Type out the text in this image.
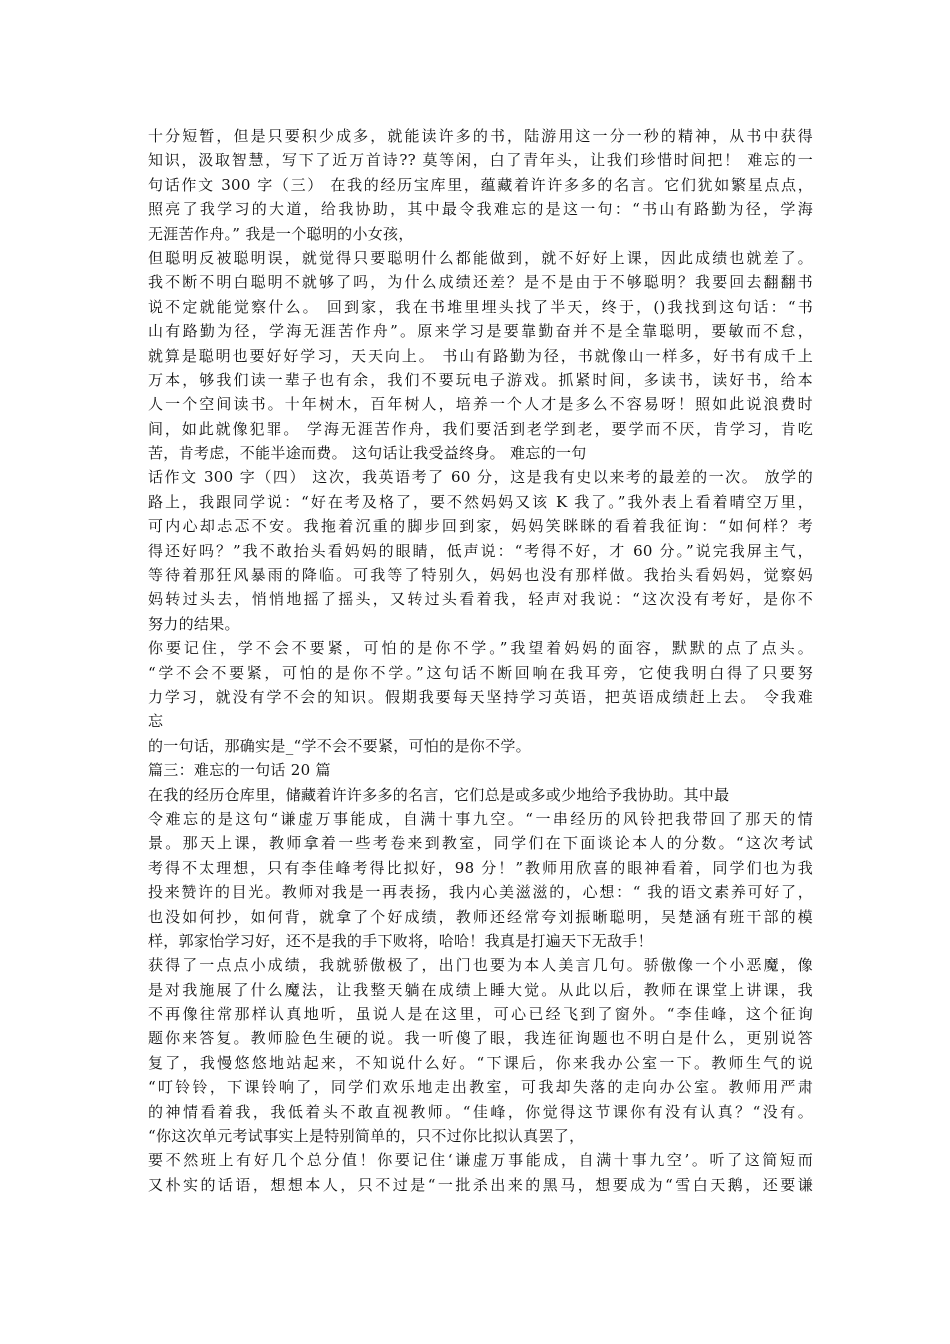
十分短暂，但是只要积少成多，就能读许多的书，陆游用这一分一秒的精神，从书中获得
知识，汲取智慧，写下了近万首诗?? 莫等闲，白了青年头，让我们珍惜时间把！ 难忘的一
句话作文 300 字（三） 在我的经历宝库里，蕴藏着许许多多的名言。它们犹如繁星点点，
照亮了我学习的大道，给我协助，其中最令我难忘的是这一句：“书山有路勤为径，学海
无涯苦作舟。” 我是一个聪明的小女孩，
但聪明反被聪明误，就觉得只要聪明什么都能做到，就不好好上课，因此成绩也就差了。
我不断不明白聪明不就够了吗，为什么成绩还差？是不是由于不够聪明？我要回去翻翻书
说不定就能觉察什么。 回到家，我在书堆里埋头找了半天，终于，()我找到这句话：“书
山有路勤为径，学海无涯苦作舟”。原来学习是要靠勤奋并不是全靠聪明，要敏而不怠，
就算是聪明也要好好学习，天天向上。 书山有路勤为径，书就像山一样多，好书有成千上
万本，够我们读一辈子也有余，我们不要玩电子游戏。抓紧时间，多读书，读好书，给本
人一个空间读书。十年树木，百年树人，培养一个人才是多么不容易呀！照如此说浪费时
间，如此就像犯罪。 学海无涯苦作舟，我们要活到老学到老，要学而不厌，肯学习，肯吃
苦，肯考虑，不能半途而费。 这句话让我受益终身。 难忘的一句
话作文 300 字（四） 这次，我英语考了 60 分，这是我有史以来考的最差的一次。 放学的
路上，我跟同学说：“好在考及格了，要不然妈妈又该 K 我了。”我外表上看着晴空万里，
可内心却忐忑不安。我拖着沉重的脚步回到家，妈妈笑眯眯的看着我征询：“如何样？考
得还好吗？”我不敢抬头看妈妈的眼睛，低声说：“考得不好，才 60 分。”说完我屏主气，
等待着那狂风暴雨的降临。可我等了特别久，妈妈也没有那样做。我抬头看妈妈，觉察妈
妈转过头去，悄悄地摇了摇头，又转过头看着我，轻声对我说：“这次没有考好，是你不
努力的结果。
你要记住，学不会不要紧，可怕的是你不学。”我望着妈妈的面容，默默的点了点头。
“学不会不要紧，可怕的是你不学。”这句话不断回响在我耳旁，它使我明白得了只要努
力学习，就没有学不会的知识。假期我要每天坚持学习英语，把英语成绩赶上去。 令我难
忘
的一句话，那确实是_“学不会不要紧，可怕的是你不学。
篇三：难忘的一句话 20 篇
在我的经历仓库里，储藏着许许多多的名言，它们总是或多或少地给予我协助。其中最
令难忘的是这句“谦虚万事能成，自满十事九空。“一串经历的风铃把我带回了那天的情
景。那天上课，教师拿着一些考卷来到教室，同学们在下面谈论本人的分数。“这次考试
考得不太理想，只有李佳峰考得比拟好，98 分！”教师用欣喜的眼神看着，同学们也为我
投来赞许的目光。教师对我是一再表扬，我内心美滋滋的，心想：“ 我的语文素养可好了，
也没如何抄，如何背，就拿了个好成绩，教师还经常夸刘振晰聪明，吴楚涵有班干部的模
样，郭家怡学习好，还不是我的手下败将，哈哈！我真是打遍天下无敌手！
获得了一点点小成绩，我就骄傲极了，出门也要为本人美言几句。骄傲像一个小恶魔，像
是对我施展了什么魔法，让我整天躺在成绩上睡大觉。从此以后，教师在课堂上讲课，我
不再像往常那样认真地听，虽说人是在这里，可心已经飞到了窗外。“李佳峰，这个征询
题你来答复。教师脸色生硬的说。我一听傻了眼，我连征询题也不明白是什么，更别说答
复了，我慢悠悠地站起来，不知说什么好。“下课后，你来我办公室一下。教师生气的说
“叮铃铃，下课铃响了，同学们欢乐地走出教室，可我却失落的走向办公室。教师用严肃
的神情看着我，我低着头不敢直视教师。“佳峰，你觉得这节课你有没有认真？“没有。
“你这次单元考试事实上是特别简单的，只不过你比拟认真罢了，
要不然班上有好几个总分值！你要记住‘谦虚万事能成，自满十事九空’。听了这简短而
又朴实的话语，想想本人，只不过是“一批杀出来的黑马，想要成为“雪白天鹅，还要谦
